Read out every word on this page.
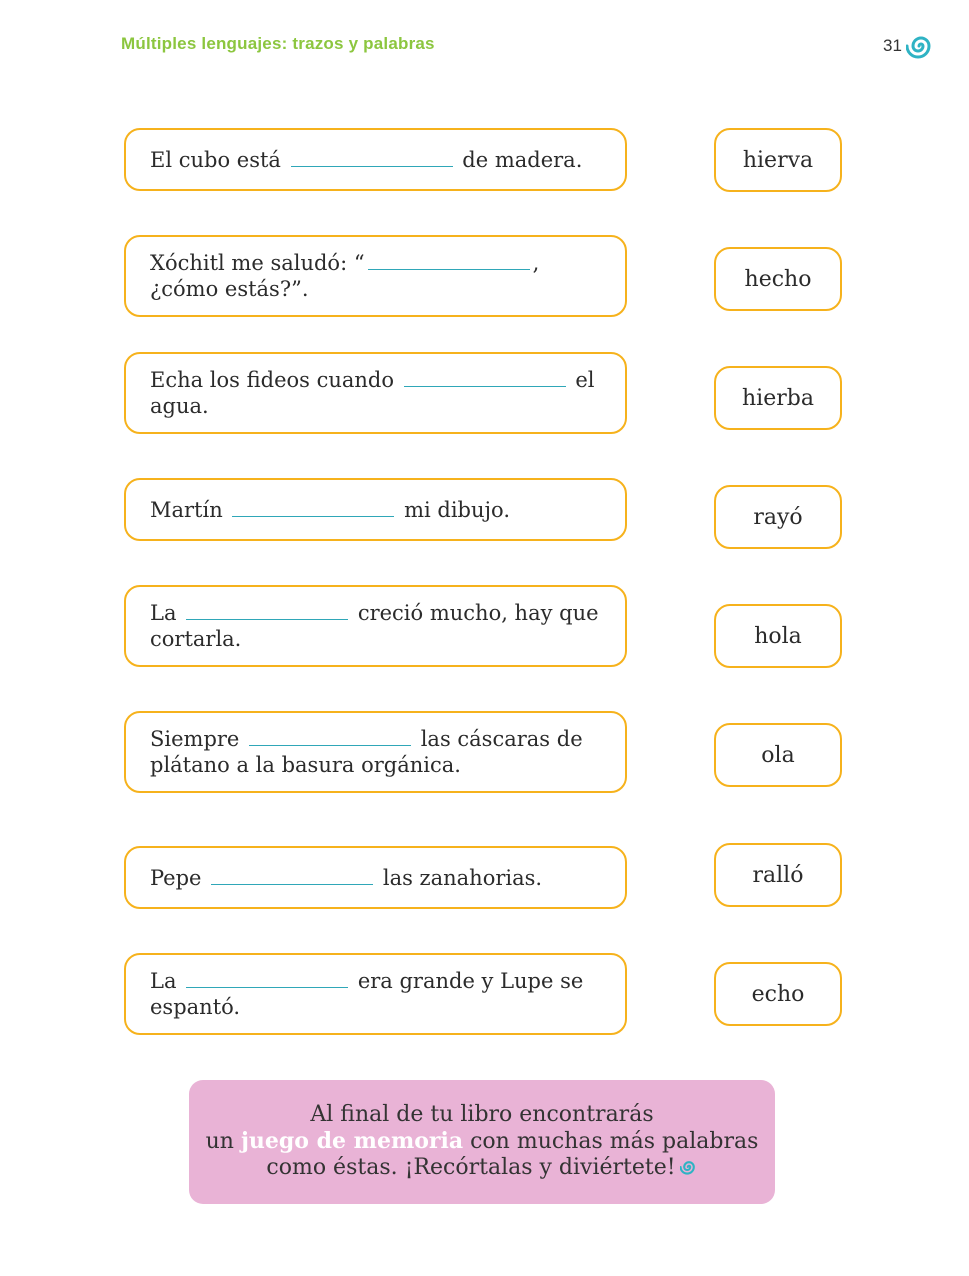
Múltiples lenguajes: trazos y palabras	31
El cubo está	de madera.
Xóchitl me saludó: “	, ¿cómo estás?”.
Echa los fideos cuando	el agua.
Martín	mi dibujo.
La	creció mucho, hay que cortarla.
Siempre	las cáscaras de plátano a la basura orgánica.
Pepe	las zanahorias.
La	era grande y Lupe se espantó.
hierva
hecho
hierba
rayó
hola
ola
ralló
echo
Al final de tu libro encontrarás
un juego de memoria con muchas más palabras
como éstas. ¡Recórtalas y diviértete!
